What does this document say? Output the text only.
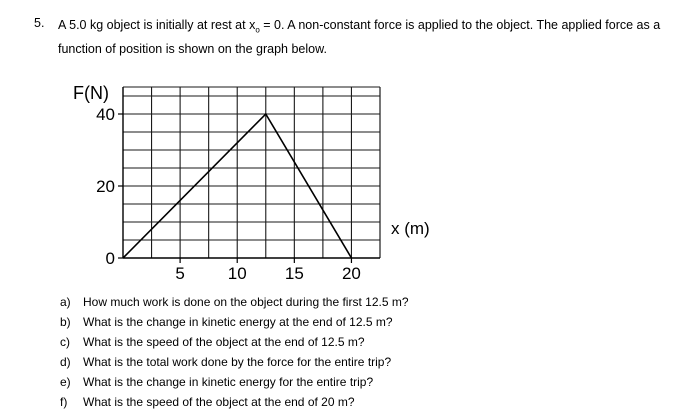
5. A 5.0 kg object is initially at rest at $x_o = 0$. A non-constant force is applied to the object. The applied force as a function of position is shown on the graph below.
F(N)
x (m)
40
20
0
5	10 15 20
a)	How much work is done on the object during the first 12.5 m?
b)	What is the change in kinetic energy at the end of 12.5 m?
c)	What is the speed of the object at the end of 12.5 m?
d)	What is the total work done by the force for the entire trip?
e)	What is the change in kinetic energy for the entire trip?
f)	What is the speed of the object at the end of 20 m?
